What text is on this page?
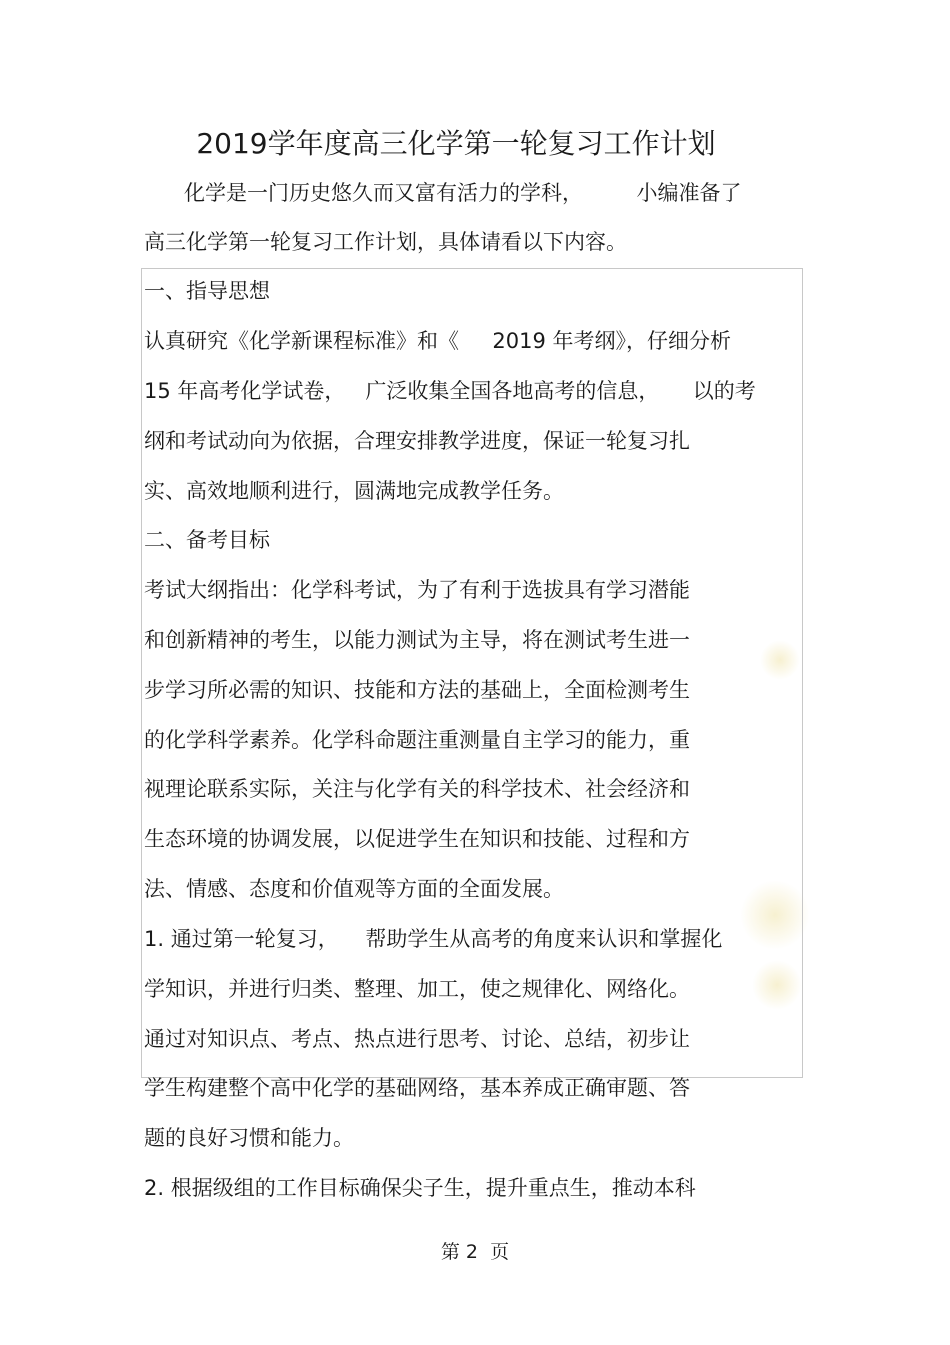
2019学年度高三化学第一轮复习工作计划
化学是一门历史悠久而又富有活力的学科，        小编准备了
高三化学第一轮复习工作计划，具体请看以下内容。
一、指导思想
认真研究《化学新课程标准》和《     2019 年考纲》，仔细分析
15 年高考化学试卷，   广泛收集全国各地高考的信息，     以的考
纲和考试动向为依据，合理安排教学进度，保证一轮复习扎
实、高效地顺利进行，圆满地完成教学任务。
二、备考目标
考试大纲指出：化学科考试，为了有利于选拔具有学习潜能
和创新精神的考生，以能力测试为主导，将在测试考生进一
步学习所必需的知识、技能和方法的基础上，全面检测考生
的化学科学素养。化学科命题注重测量自主学习的能力，重
视理论联系实际，关注与化学有关的科学技术、社会经济和
生态环境的协调发展，以促进学生在知识和技能、过程和方
法、情感、态度和价值观等方面的全面发展。
1. 通过第一轮复习，    帮助学生从高考的角度来认识和掌握化
学知识，并进行归类、整理、加工，使之规律化、网络化。
通过对知识点、考点、热点进行思考、讨论、总结，初步让
学生构建整个高中化学的基础网络，基本养成正确审题、答
题的良好习惯和能力。
2. 根据级组的工作目标确保尖子生，提升重点生，推动本科
第 2  页
